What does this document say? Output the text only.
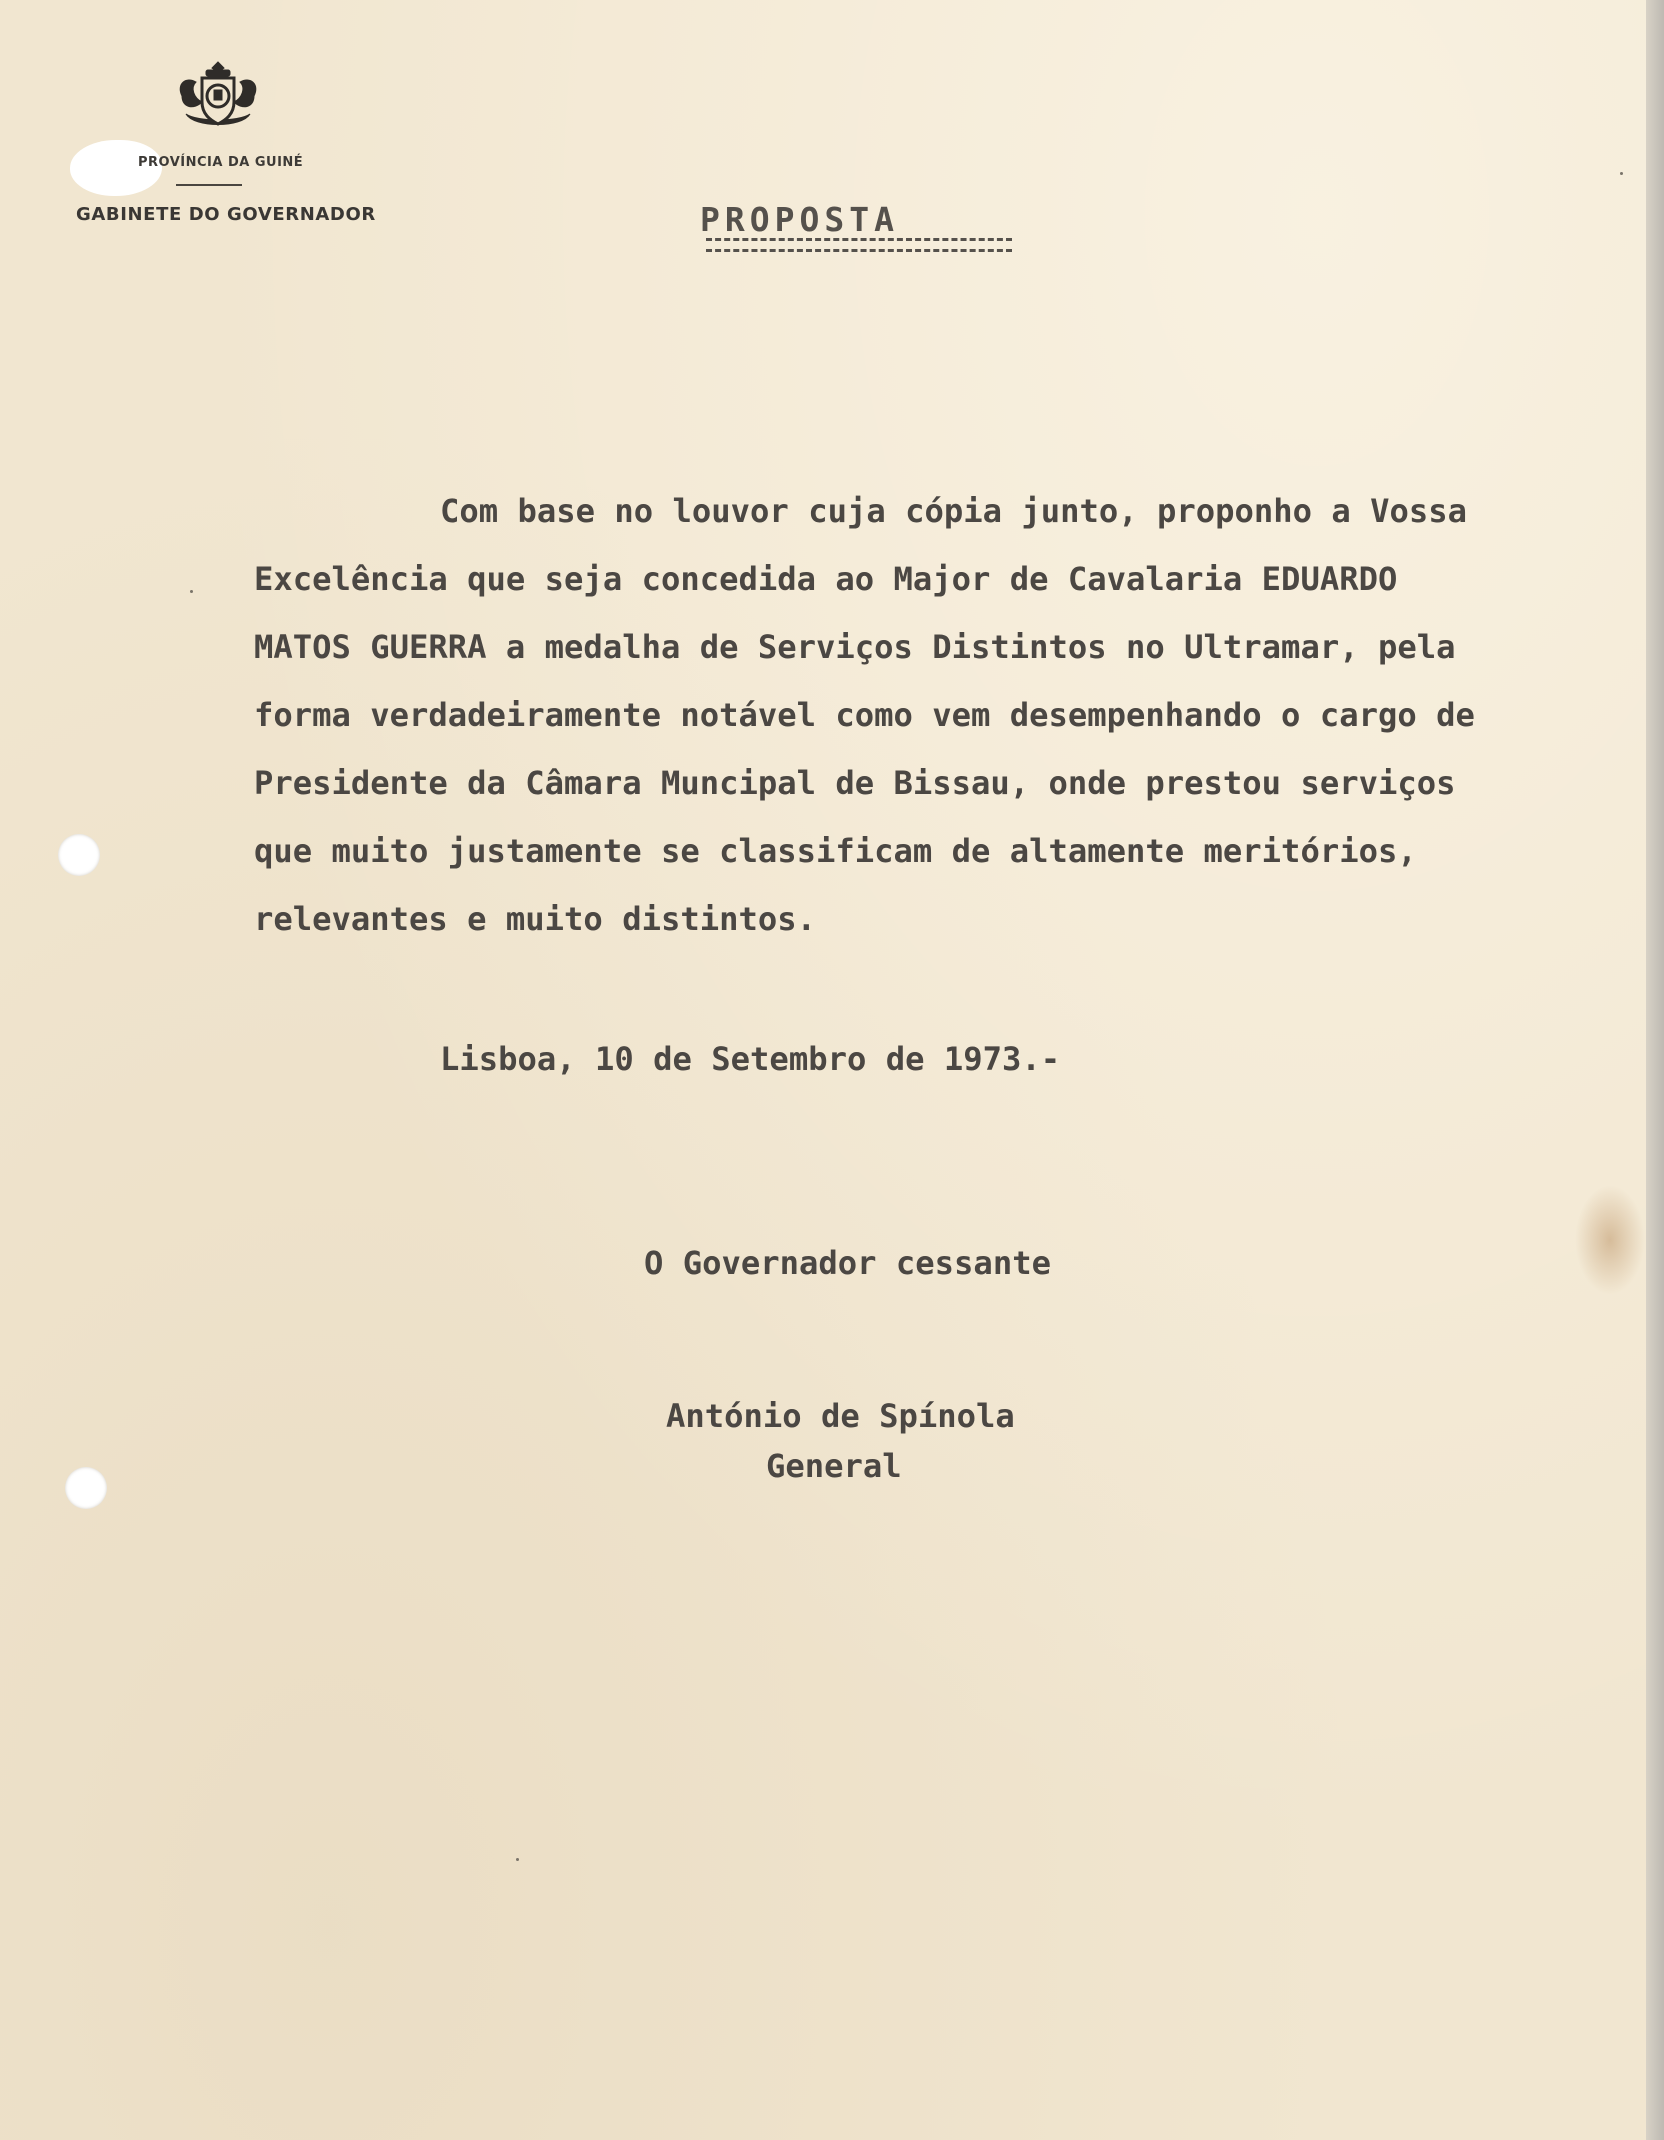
PROVÍNCIA DA GUINÉ
GABINETE DO GOVERNADOR	PROPOSTA
Com base no louvor cuja cópia junto, proponho a Vossa
Excelência que seja concedida ao Major de Cavalaria EDUARDO
MATOS GUERRA a medalha de Serviços Distintos no Ultramar, pela
forma verdadeiramente notável como vem desempenhando o cargo de
Presidente da Câmara Muncipal de Bissau, onde prestou serviços
que muito justamente se classificam de altamente meritórios,
relevantes e muito distintos.
Lisboa, 10 de Setembro de 1973.-
O Governador cessante
António de Spínola
General
